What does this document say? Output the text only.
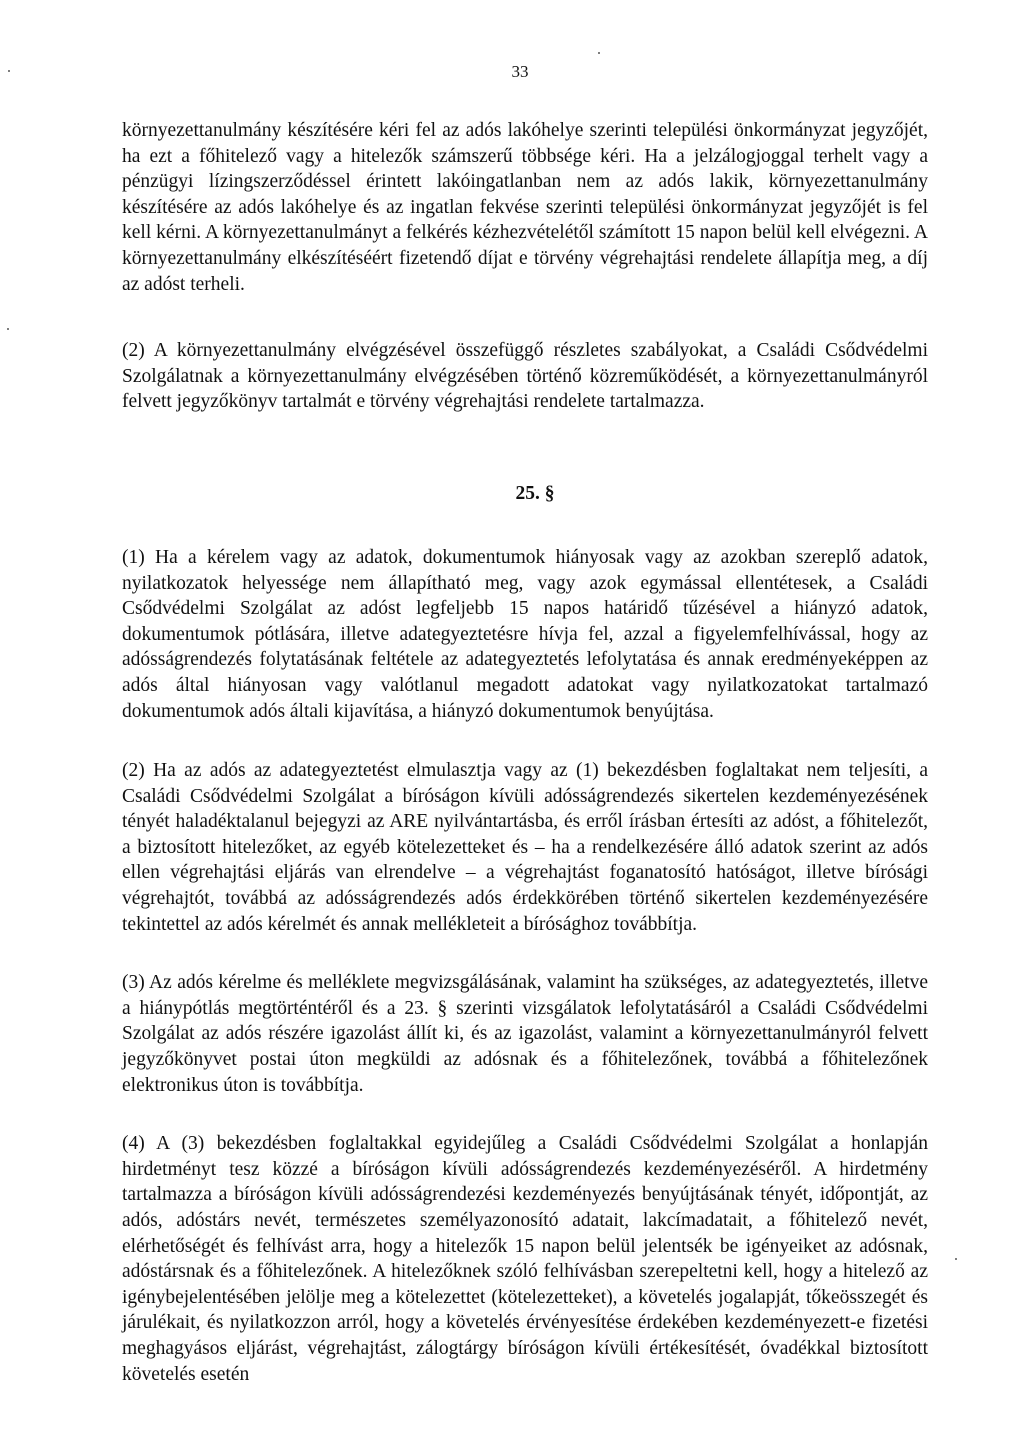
33

környezettanulmány készítésére kéri fel az adós lakóhelye szerinti települési önkormányzat jegyzőjét, ha ezt a főhitelező vagy a hitelezők számszerű többsége kéri. Ha a jelzálogjoggal terhelt vagy a pénzügyi lízingszerződéssel érintett lakóingatlanban nem az adós lakik, környezettanulmány készítésére az adós lakóhelye és az ingatlan fekvése szerinti települési önkormányzat jegyzőjét is fel kell kérni. A környezettanulmányt a felkérés kézhezvételétől számított 15 napon belül kell elvégezni. A környezettanulmány elkészítéséért fizetendő díjat e törvény végrehajtási rendelete állapítja meg, a díj az adóst terheli.

(2) A környezettanulmány elvégzésével összefüggő részletes szabályokat, a Családi Csődvédelmi Szolgálatnak a környezettanulmány elvégzésében történő közreműködését, a környezettanulmányról felvett jegyzőkönyv tartalmát e törvény végrehajtási rendelete tartalmazza.

25. §

(1) Ha a kérelem vagy az adatok, dokumentumok hiányosak vagy az azokban szereplő adatok, nyilatkozatok helyessége nem állapítható meg, vagy azok egymással ellentétesek, a Családi Csődvédelmi Szolgálat az adóst legfeljebb 15 napos határidő tűzésével a hiányzó adatok, dokumentumok pótlására, illetve adategyeztetésre hívja fel, azzal a figyelemfelhívással, hogy az adósságrendezés folytatásának feltétele az adategyeztetés lefolytatása és annak eredményeképpen az adós által hiányosan vagy valótlanul megadott adatokat vagy nyilatkozatokat tartalmazó dokumentumok adós általi kijavítása, a hiányzó dokumentumok benyújtása.

(2) Ha az adós az adategyeztetést elmulasztja vagy az (1) bekezdésben foglaltakat nem teljesíti, a Családi Csődvédelmi Szolgálat a bíróságon kívüli adósságrendezés sikertelen kezdeményezésének tényét haladéktalanul bejegyzi az ARE nyilvántartásba, és erről írásban értesíti az adóst, a főhitelezőt, a biztosított hitelezőket, az egyéb kötelezetteket és – ha a rendelkezésére álló adatok szerint az adós ellen végrehajtási eljárás van elrendelve – a végrehajtást foganatosító hatóságot, illetve bírósági végrehajtót, továbbá az adósságrendezés adós érdekkörében történő sikertelen kezdeményezésére tekintettel az adós kérelmét és annak mellékleteit a bírósághoz továbbítja.

(3) Az adós kérelme és melléklete megvizsgálásának, valamint ha szükséges, az adategyeztetés, illetve a hiánypótlás megtörténtéről és a 23. § szerinti vizsgálatok lefolytatásáról a Családi Csődvédelmi Szolgálat az adós részére igazolást állít ki, és az igazolást, valamint a környezettanulmányról felvett jegyzőkönyvet postai úton megküldi az adósnak és a főhitelezőnek, továbbá a főhitelezőnek elektronikus úton is továbbítja.

(4) A (3) bekezdésben foglaltakkal egyidejűleg a Családi Csődvédelmi Szolgálat a honlapján hirdetményt tesz közzé a bíróságon kívüli adósságrendezés kezdeményezéséről. A hirdetmény tartalmazza a bíróságon kívüli adósságrendezési kezdeményezés benyújtásának tényét, időpontját, az adós, adóstárs nevét, természetes személyazonosító adatait, lakcímadatait, a főhitelező nevét, elérhetőségét és felhívást arra, hogy a hitelezők 15 napon belül jelentsék be igényeiket az adósnak, adóstársnak és a főhitelezőnek. A hitelezőknek szóló felhívásban szerepeltetni kell, hogy a hitelező az igénybejelentésében jelölje meg a kötelezettet (kötelezetteket), a követelés jogalapját, tőkeösszegét és járulékait, és nyilatkozzon arról, hogy a követelés érvényesítése érdekében kezdeményezett-e fizetési meghagyásos eljárást, végrehajtást, zálogtárgy bíróságon kívüli értékesítését, óvadékkal biztosított követelés esetén
